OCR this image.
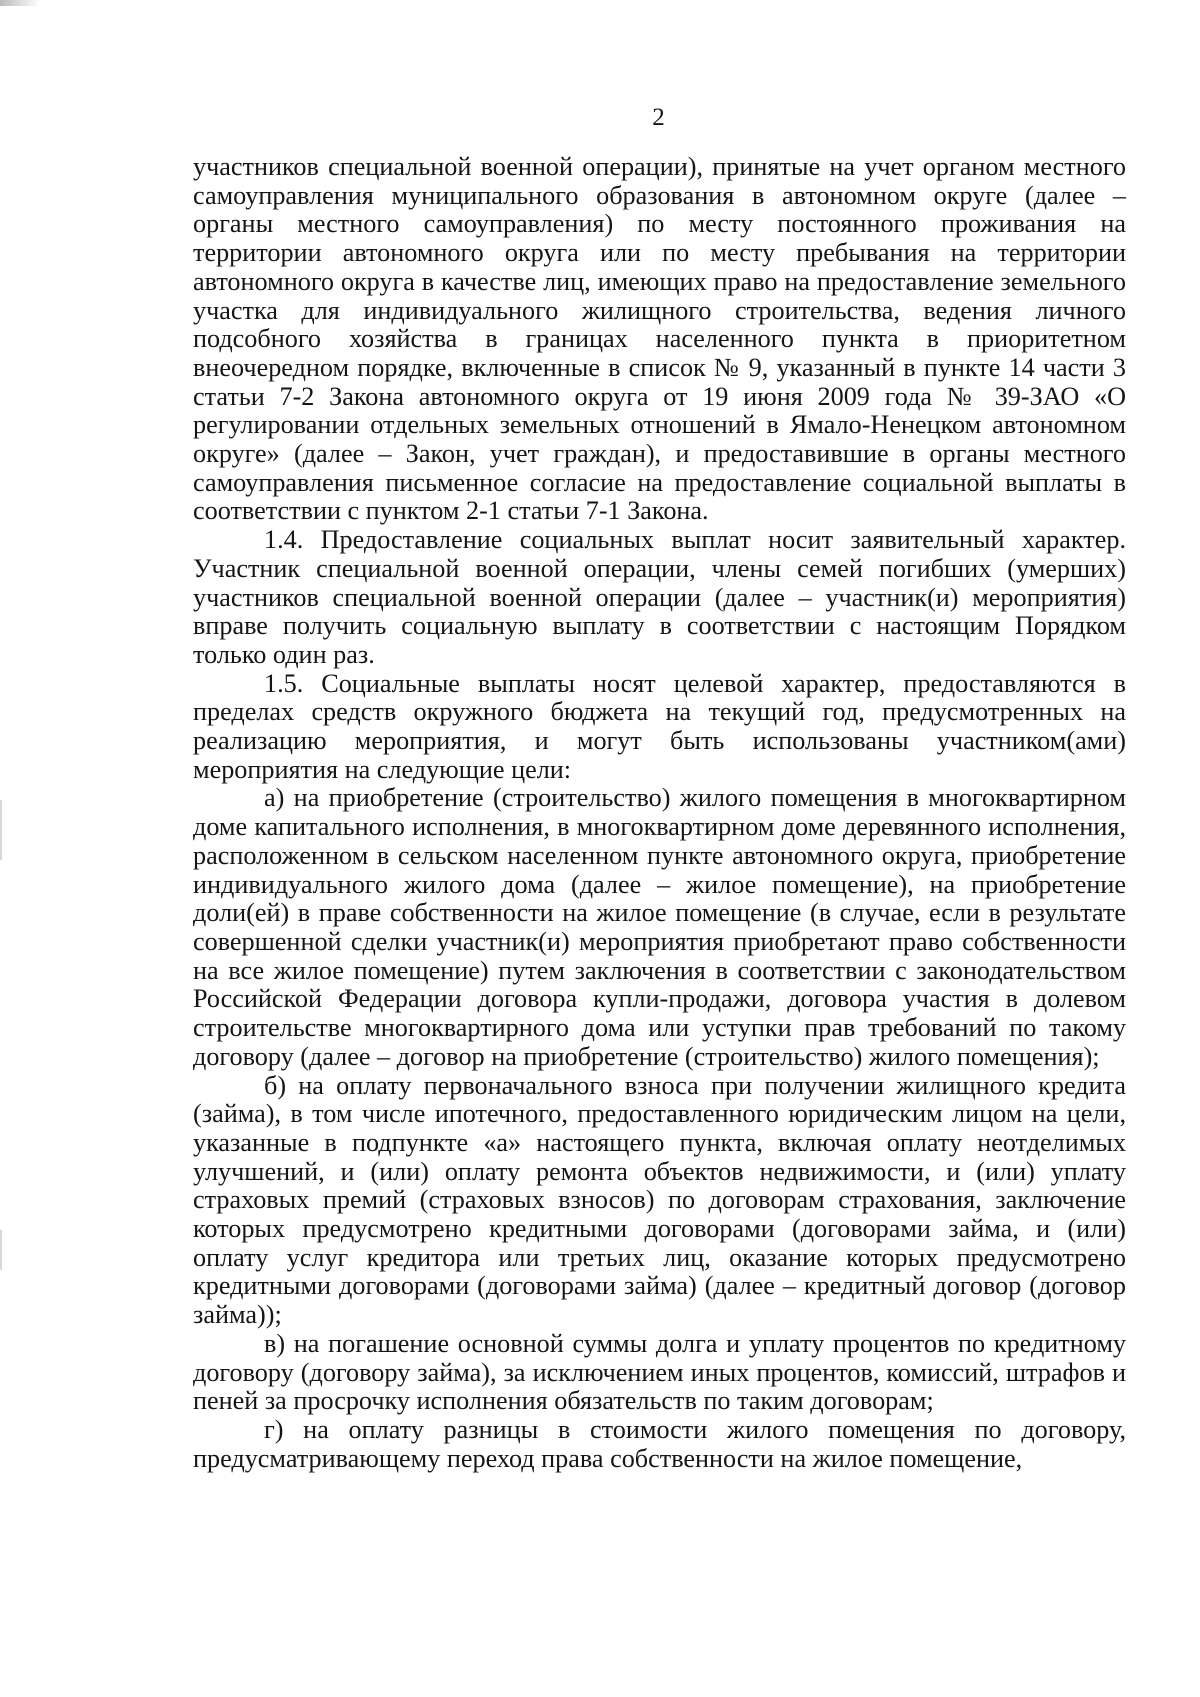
2

участников специальной военной операции), принятые на учет органом местного самоуправления муниципального образования в автономном округе (далее – органы местного самоуправления) по месту постоянного проживания на территории автономного округа или по месту пребывания на территории автономного округа в качестве лиц, имеющих право на предоставление земельного участка для индивидуального жилищного строительства, ведения личного подсобного хозяйства в границах населенного пункта в приоритетном внеочередном порядке, включенные в список № 9, указанный в пункте 14 части 3 статьи 7-2 Закона автономного округа от 19 июня 2009 года № 39-ЗАО «О регулировании отдельных земельных отношений в Ямало-Ненецком автономном округе» (далее – Закон, учет граждан), и предоставившие в органы местного самоуправления письменное согласие на предоставление социальной выплаты в соответствии с пунктом 2-1 статьи 7-1 Закона.

1.4. Предоставление социальных выплат носит заявительный характер. Участник специальной военной операции, члены семей погибших (умерших) участников специальной военной операции (далее – участник(и) мероприятия) вправе получить социальную выплату в соответствии с настоящим Порядком только один раз.

1.5. Социальные выплаты носят целевой характер, предоставляются в пределах средств окружного бюджета на текущий год, предусмотренных на реализацию мероприятия, и могут быть использованы участником(ами) мероприятия на следующие цели:

а) на приобретение (строительство) жилого помещения в многоквартирном доме капитального исполнения, в многоквартирном доме деревянного исполнения, расположенном в сельском населенном пункте автономного округа, приобретение индивидуального жилого дома (далее – жилое помещение), на приобретение доли(ей) в праве собственности на жилое помещение (в случае, если в результате совершенной сделки участник(и) мероприятия приобретают право собственности на все жилое помещение) путем заключения в соответствии с законодательством Российской Федерации договора купли-продажи, договора участия в долевом строительстве многоквартирного дома или уступки прав требований по такому договору (далее – договор на приобретение (строительство) жилого помещения);

б) на оплату первоначального взноса при получении жилищного кредита (займа), в том числе ипотечного, предоставленного юридическим лицом на цели, указанные в подпункте «а» настоящего пункта, включая оплату неотделимых улучшений, и (или) оплату ремонта объектов недвижимости, и (или) уплату страховых премий (страховых взносов) по договорам страхования, заключение которых предусмотрено кредитными договорами (договорами займа, и (или) оплату услуг кредитора или третьих лиц, оказание которых предусмотрено кредитными договорами (договорами займа) (далее – кредитный договор (договор займа));

в) на погашение основной суммы долга и уплату процентов по кредитному договору (договору займа), за исключением иных процентов, комиссий, штрафов и пеней за просрочку исполнения обязательств по таким договорам;

г) на оплату разницы в стоимости жилого помещения по договору, предусматривающему переход права собственности на жилое помещение,
